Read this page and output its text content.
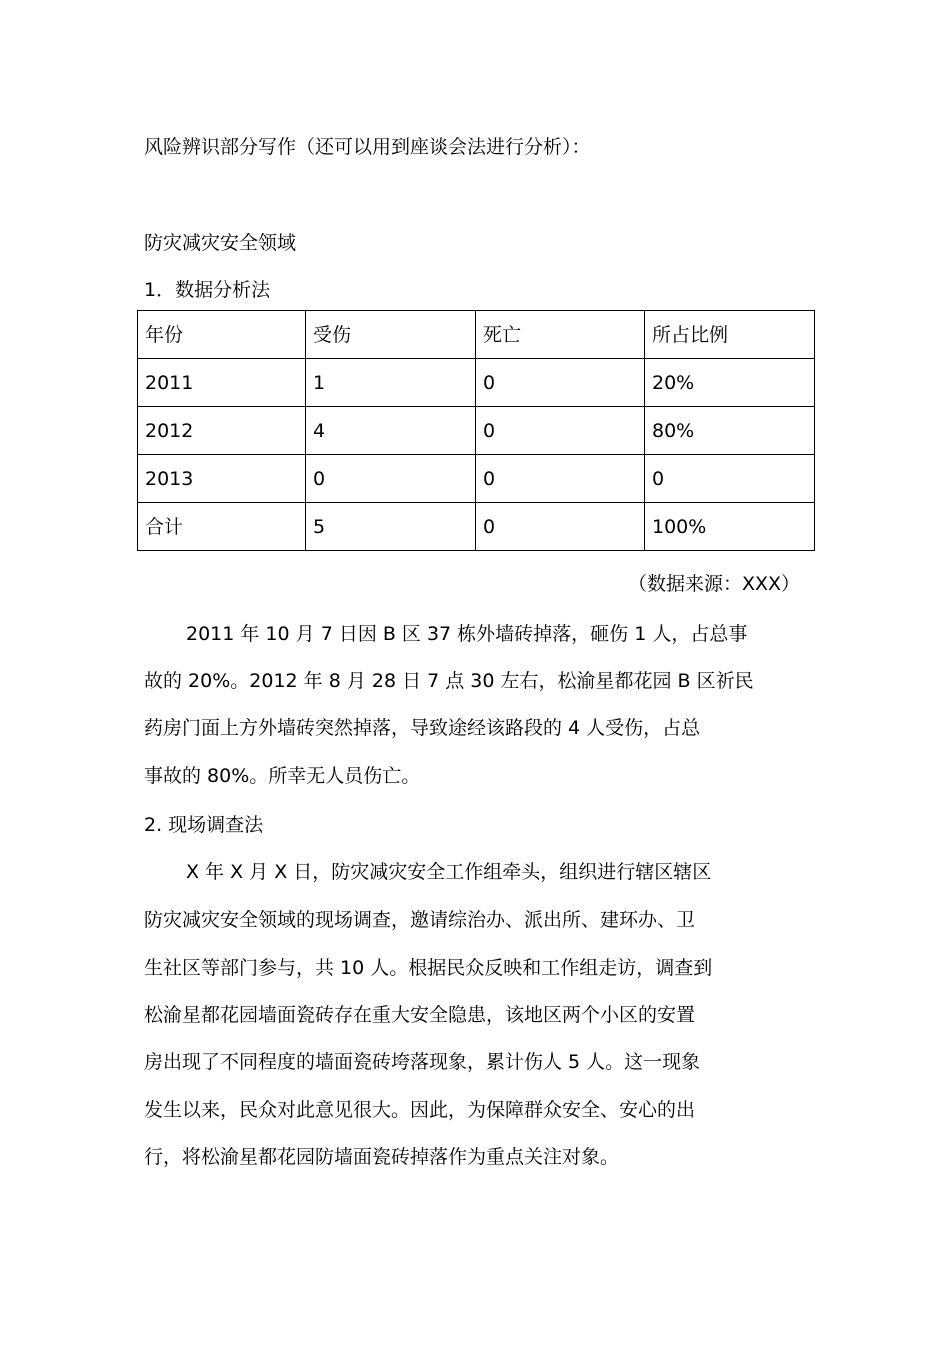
风险辨识部分写作（还可以用到座谈会法进行分析）：

防灾减灾安全领域

1．数据分析法

年份	受伤	死亡	所占比例
2011	1	0	20%
2012	4	0	80%
2013	0	0	0
合计	5	0	100%
（数据来源：XXX）

2011 年 10 月 7 日因 B 区 37 栋外墙砖掉落，砸伤 1 人，占总事

故的 20%。2012 年 8 月 28 日 7 点 30 左右，松渝星都花园 B 区祈民

药房门面上方外墙砖突然掉落，导致途经该路段的 4 人受伤，占总

事故的 80%。所幸无人员伤亡。

2. 现场调查法

X 年 X 月 X 日，防灾减灾安全工作组牵头，组织进行辖区辖区

防灾减灾安全领域的现场调查，邀请综治办、派出所、建环办、卫

生社区等部门参与，共 10 人。根据民众反映和工作组走访，调查到

松渝星都花园墙面瓷砖存在重大安全隐患，该地区两个小区的安置

房出现了不同程度的墙面瓷砖垮落现象，累计伤人 5 人。这一现象

发生以来，民众对此意见很大。因此，为保障群众安全、安心的出

行，将松渝星都花园防墙面瓷砖掉落作为重点关注对象。
